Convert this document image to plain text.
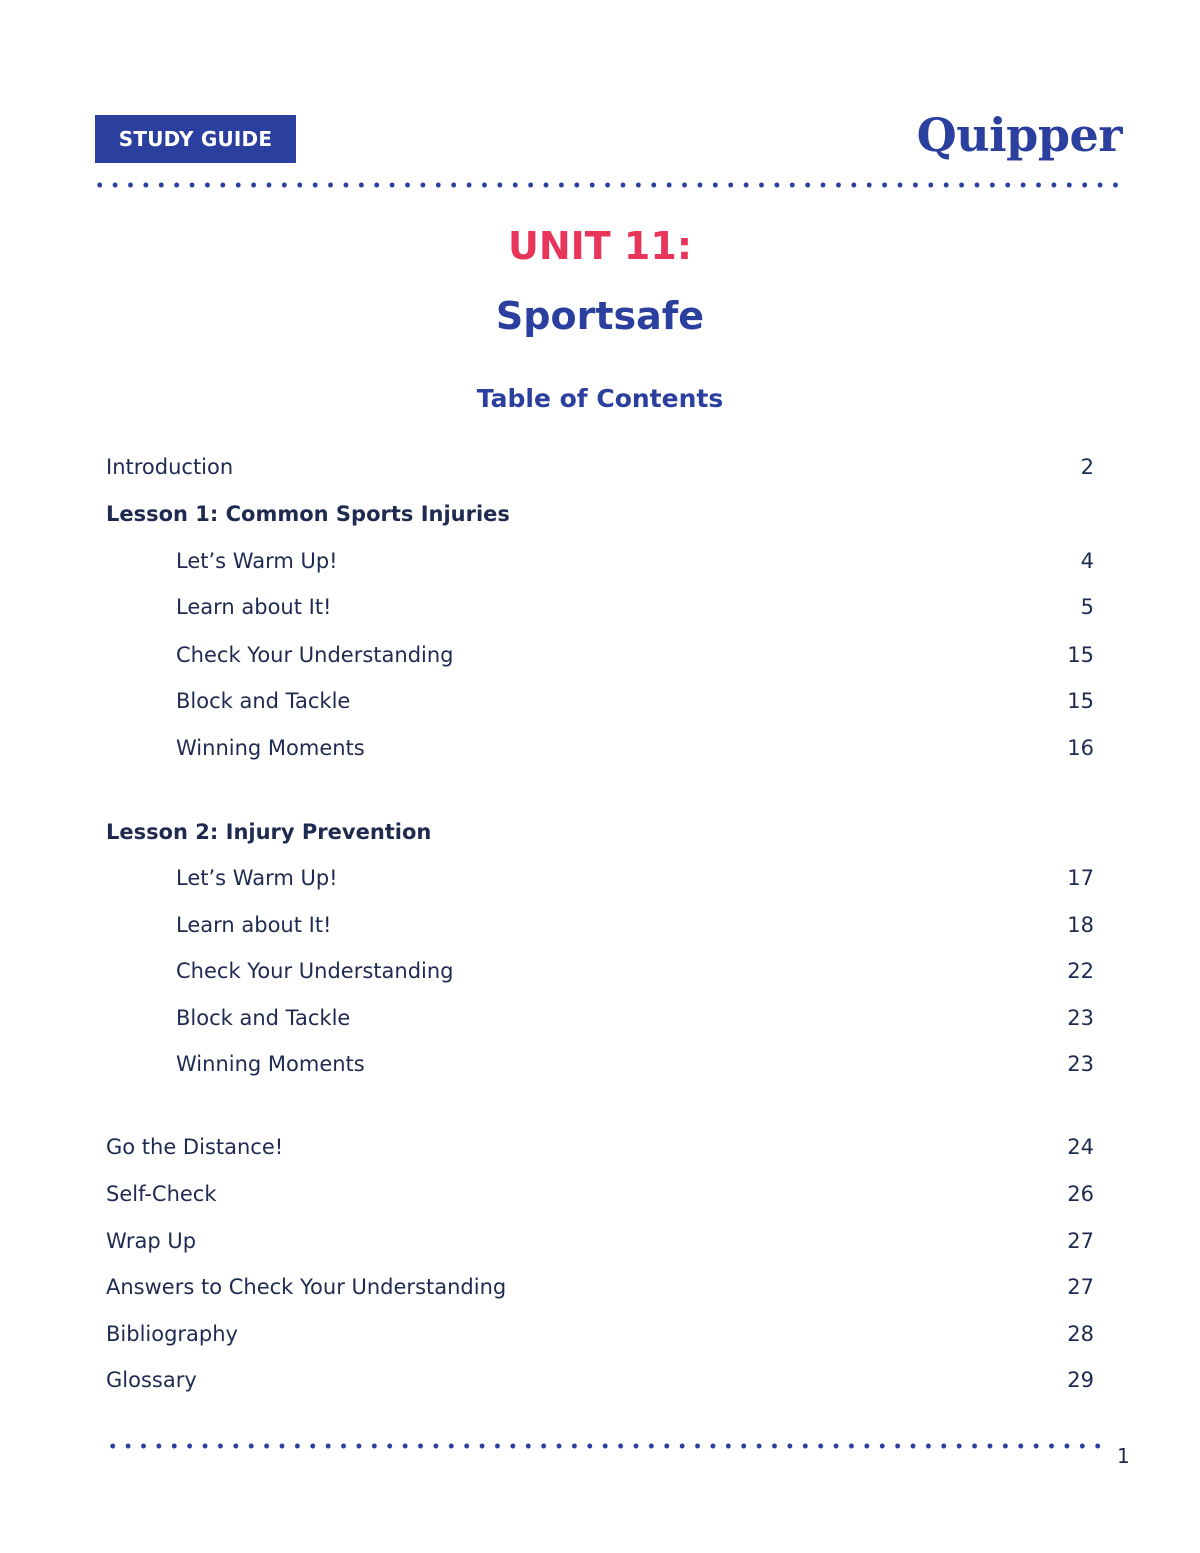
STUDY GUIDE	Quipper
UNIT 11:
Sportsafe
Table of Contents
Introduction	2
Lesson 1: Common Sports Injuries
Let’s Warm Up!	4
Learn about It!	5
Check Your Understanding	15
Block and Tackle	15
Winning Moments	16
Lesson 2: Injury Prevention
Let’s Warm Up!	17
Learn about It!	18
Check Your Understanding	22
Block and Tackle	23
Winning Moments	23
Go the Distance!	24
Self-Check	26
Wrap Up	27
Answers to Check Your Understanding	27
Bibliography	28
Glossary	29
1
